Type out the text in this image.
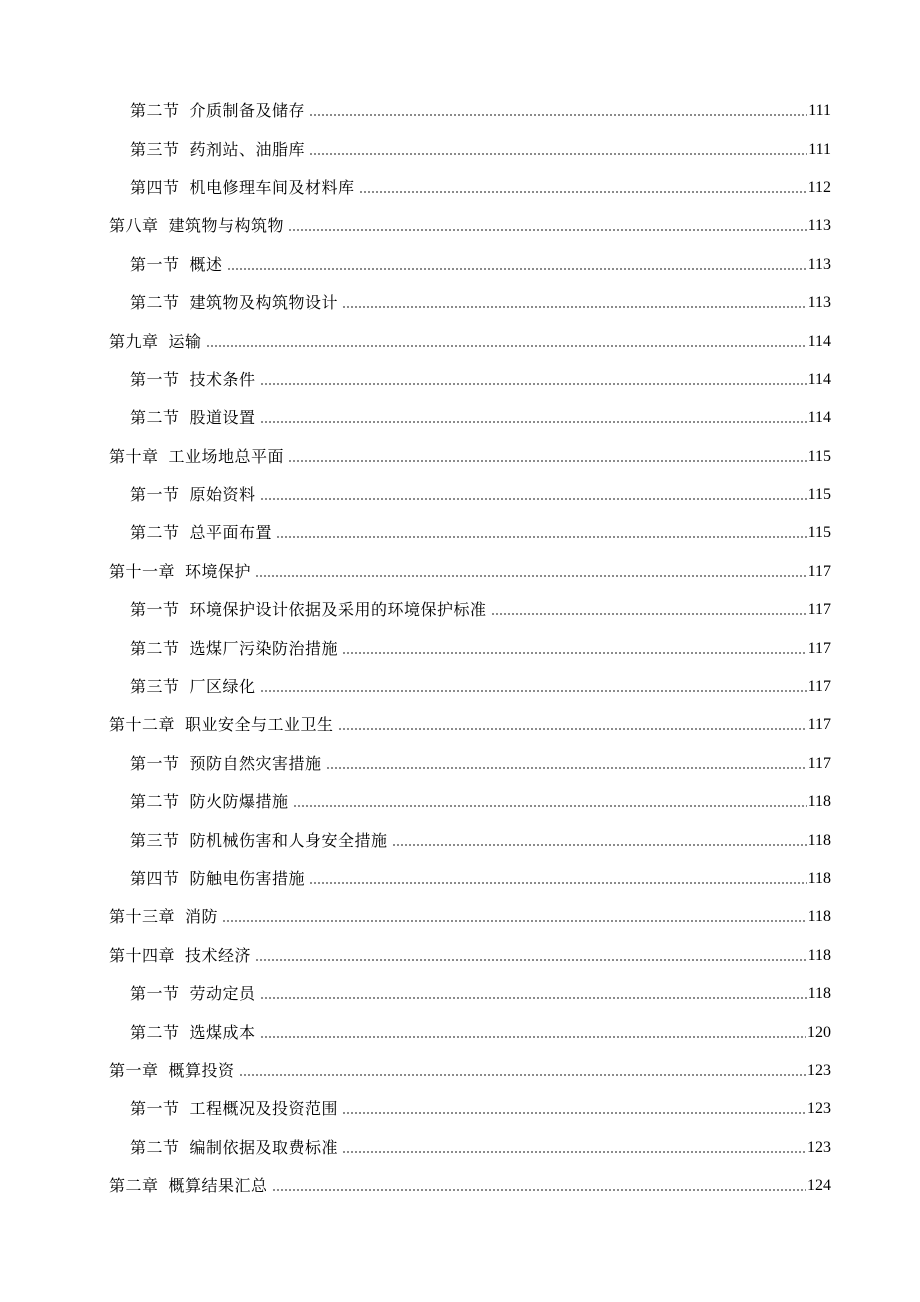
第二节 介质制备及储存	111
第三节 药剂站、油脂库	111
第四节 机电修理车间及材料库	112
第八章 建筑物与构筑物	113
第一节 概述	113
第二节 建筑物及构筑物设计	113
第九章 运输	114
第一节 技术条件	114
第二节 股道设置	114
第十章 工业场地总平面	115
第一节 原始资料	115
第二节 总平面布置	115
第十一章 环境保护	117
第一节 环境保护设计依据及采用的环境保护标准	117
第二节 选煤厂污染防治措施	117
第三节 厂区绿化	117
第十二章 职业安全与工业卫生	117
第一节 预防自然灾害措施	117
第二节 防火防爆措施	118
第三节 防机械伤害和人身安全措施	118
第四节 防触电伤害措施	118
第十三章 消防	118
第十四章 技术经济	118
第一节 劳动定员	118
第二节 选煤成本	120
第一章 概算投资	123
第一节 工程概况及投资范围	123
第二节 编制依据及取费标准	123
第二章 概算结果汇总	124
